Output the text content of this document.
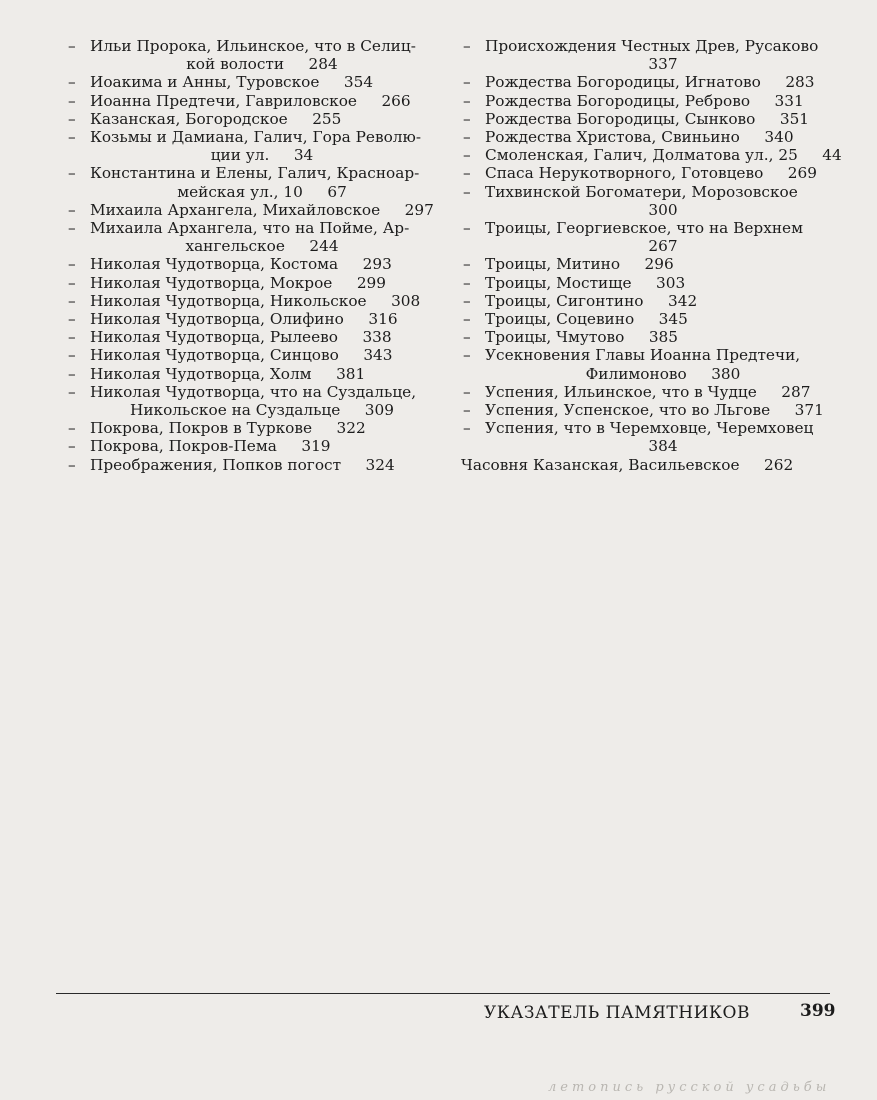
– Ильи Пророка, Ильинское, что в Селиц-
кой волости 284
– Иоакима и Анны, Туровское 354
– Иоанна Предтечи, Гавриловское 266
– Казанская, Богородское 255
– Козьмы и Дамиана, Галич, Гора Револю-
ции ул. 34
– Константина и Елены, Галич, Красноар-
мейская ул., 10 67
– Михаила Архангела, Михайловское 297
– Михаила Архангела, что на Пойме, Ар-
хангельское 244
– Николая Чудотворца, Костома 293
– Николая Чудотворца, Мокрое 299
– Николая Чудотворца, Никольское 308
– Николая Чудотворца, Олифино 316
– Николая Чудотворца, Рылеево 338
– Николая Чудотворца, Синцово 343
– Николая Чудотворца, Холм 381
– Николая Чудотворца, что на Суздальце,
Никольское на Суздальце 309
– Покрова, Покров в Туркове 322
– Покрова, Покров-Пема 319
– Преображения, Попков погост 324
– Происхождения Честных Древ, Русаково
337
– Рождества Богородицы, Игнатово 283
– Рождества Богородицы, Реброво 331
– Рождества Богородицы, Сынково 351
– Рождества Христова, Свиньино 340
– Смоленская, Галич, Долматова ул., 25 44
– Спаса Нерукотворного, Готовцево 269
– Тихвинской Богоматери, Морозовское
300
– Троицы, Георгиевское, что на Верхнем
267
– Троицы, Митино 296
– Троицы, Мостище 303
– Троицы, Сигонтино 342
– Троицы, Соцевино 345
– Троицы, Чмутово 385
– Усекновения Главы Иоанна Предтечи,
Филимоново 380
– Успения, Ильинское, что в Чудце 287
– Успения, Успенское, что во Льгове 371
– Успения, что в Черемховце, Черемховец
384
Часовня Казанская, Васильевское 262
УКАЗАТЕЛЬ ПАМЯТНИКОВ	399
летопись русской усадьбы
